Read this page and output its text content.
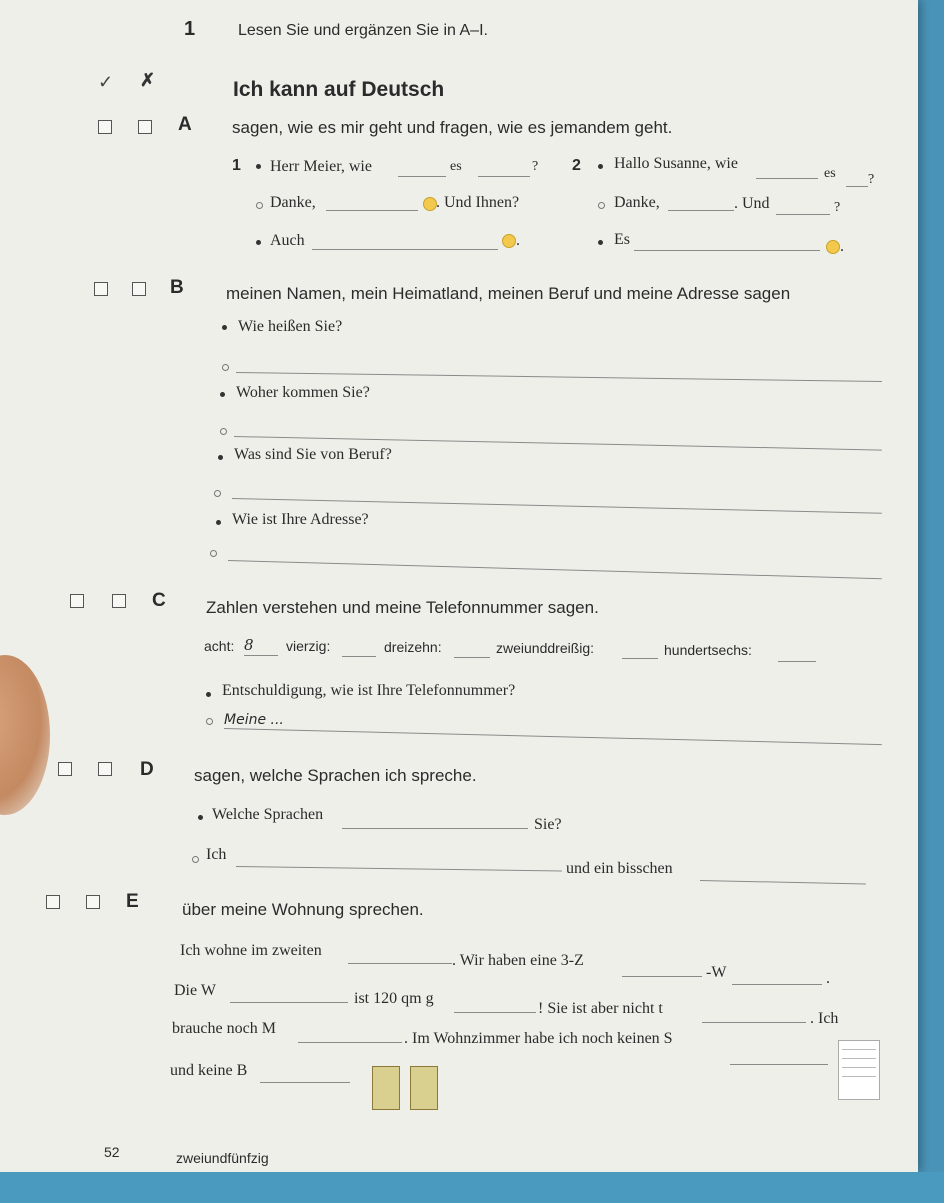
1	Lesen Sie und ergänzen Sie in A–I.
✓ ✗	Ich kann auf Deutsch
A sagen, wie es mir geht und fragen, wie es jemandem geht.
1 Herr Meier, wie	es	?
Danke,	. Und Ihnen?
Auch	.
2 Hallo Susanne, wie
es ?
Danke,	. Und	?
Es	.
B meinen Namen, mein Heimatland, meinen Beruf und meine Adresse sagen
Wie heißen Sie?
Woher kommen Sie?
Was sind Sie von Beruf?
Wie ist Ihre Adresse?
C Zahlen verstehen und meine Telefonnummer sagen.
acht: 8 vierzig:	dreizehn:	zweiunddreißig:	hundertsechs:
Entschuldigung, wie ist Ihre Telefonnummer?
Meine ...
D sagen, welche Sprachen ich spreche.
Welche Sprachen
Sie?
Ich
und ein bisschen
E	über meine Wohnung sprechen.
Ich wohne im zweiten
. Wir haben eine 3-Z
-W	.
Die W	ist 120 qm g
! Sie ist aber nicht t
. Ich
brauche noch M
. Im Wohnzimmer habe ich noch keinen S
und keine B
52	zweiundfünfzig
